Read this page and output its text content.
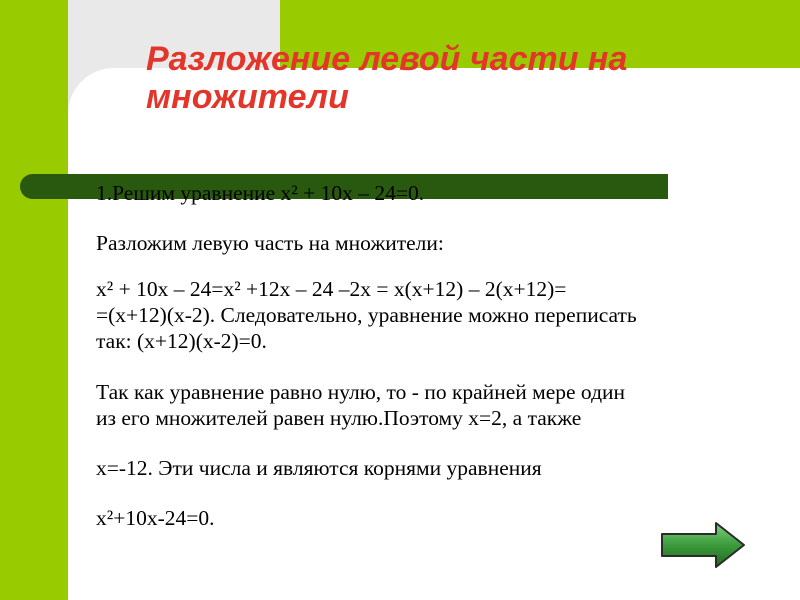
Разложение левой части на множители

1.Решим уравнение x² + 10x – 24=0.

Разложим левую часть на множители:

x² + 10x – 24=x² +12x – 24 –2x = x(x+12) – 2(x+12)=

=(x+12)(x-2). Следовательно, уравнение можно переписать

так: (x+12)(x-2)=0.

Так как уравнение равно нулю, то - по крайней мере один

из его множителей равен нулю.Поэтому x=2, а также

x=-12. Эти числа и являются корнями уравнения

x²+10x-24=0.
